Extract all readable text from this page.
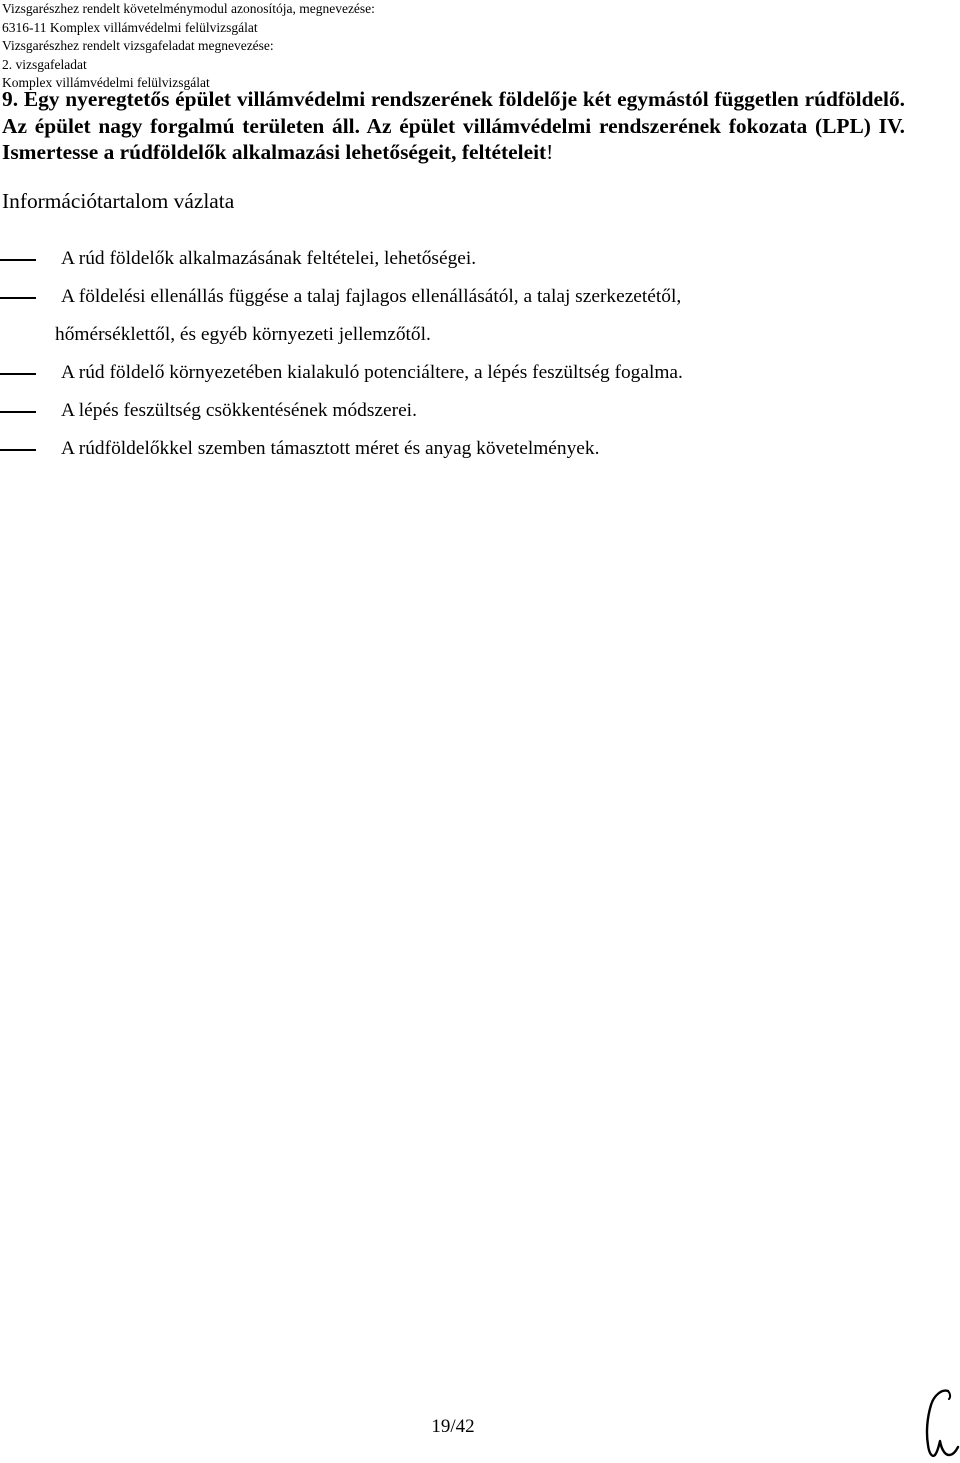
Vizsgarészhez rendelt követelménymodul azonosítója, megnevezése:
6316-11 Komplex villámvédelmi felülvizsgálat
Vizsgarészhez rendelt vizsgafeladat megnevezése:
2. vizsgafeladat
Komplex villámvédelmi felülvizsgálat
9. Egy nyeregtetős épület villámvédelmi rendszerének földelője két egymástól független rúdföldelő. Az épület nagy forgalmú területen áll. Az épület villámvédelmi rendszerének fokozata (LPL) IV. Ismertesse a rúdföldelők alkalmazási lehetőségeit, feltételeit!
Információtartalom vázlata
A rúd földelők alkalmazásának feltételei, lehetőségei.
A földelési ellenállás függése a talaj fajlagos ellenállásától, a talaj szerkezetétől,
hőmérséklettől, és egyéb környezeti jellemzőtől.
A rúd földelő környezetében kialakuló potenciáltere, a lépés feszültség fogalma.
A lépés feszültség csökkentésének módszerei.
A rúdföldelőkkel szemben támasztott méret és anyag követelmények.
19/42
